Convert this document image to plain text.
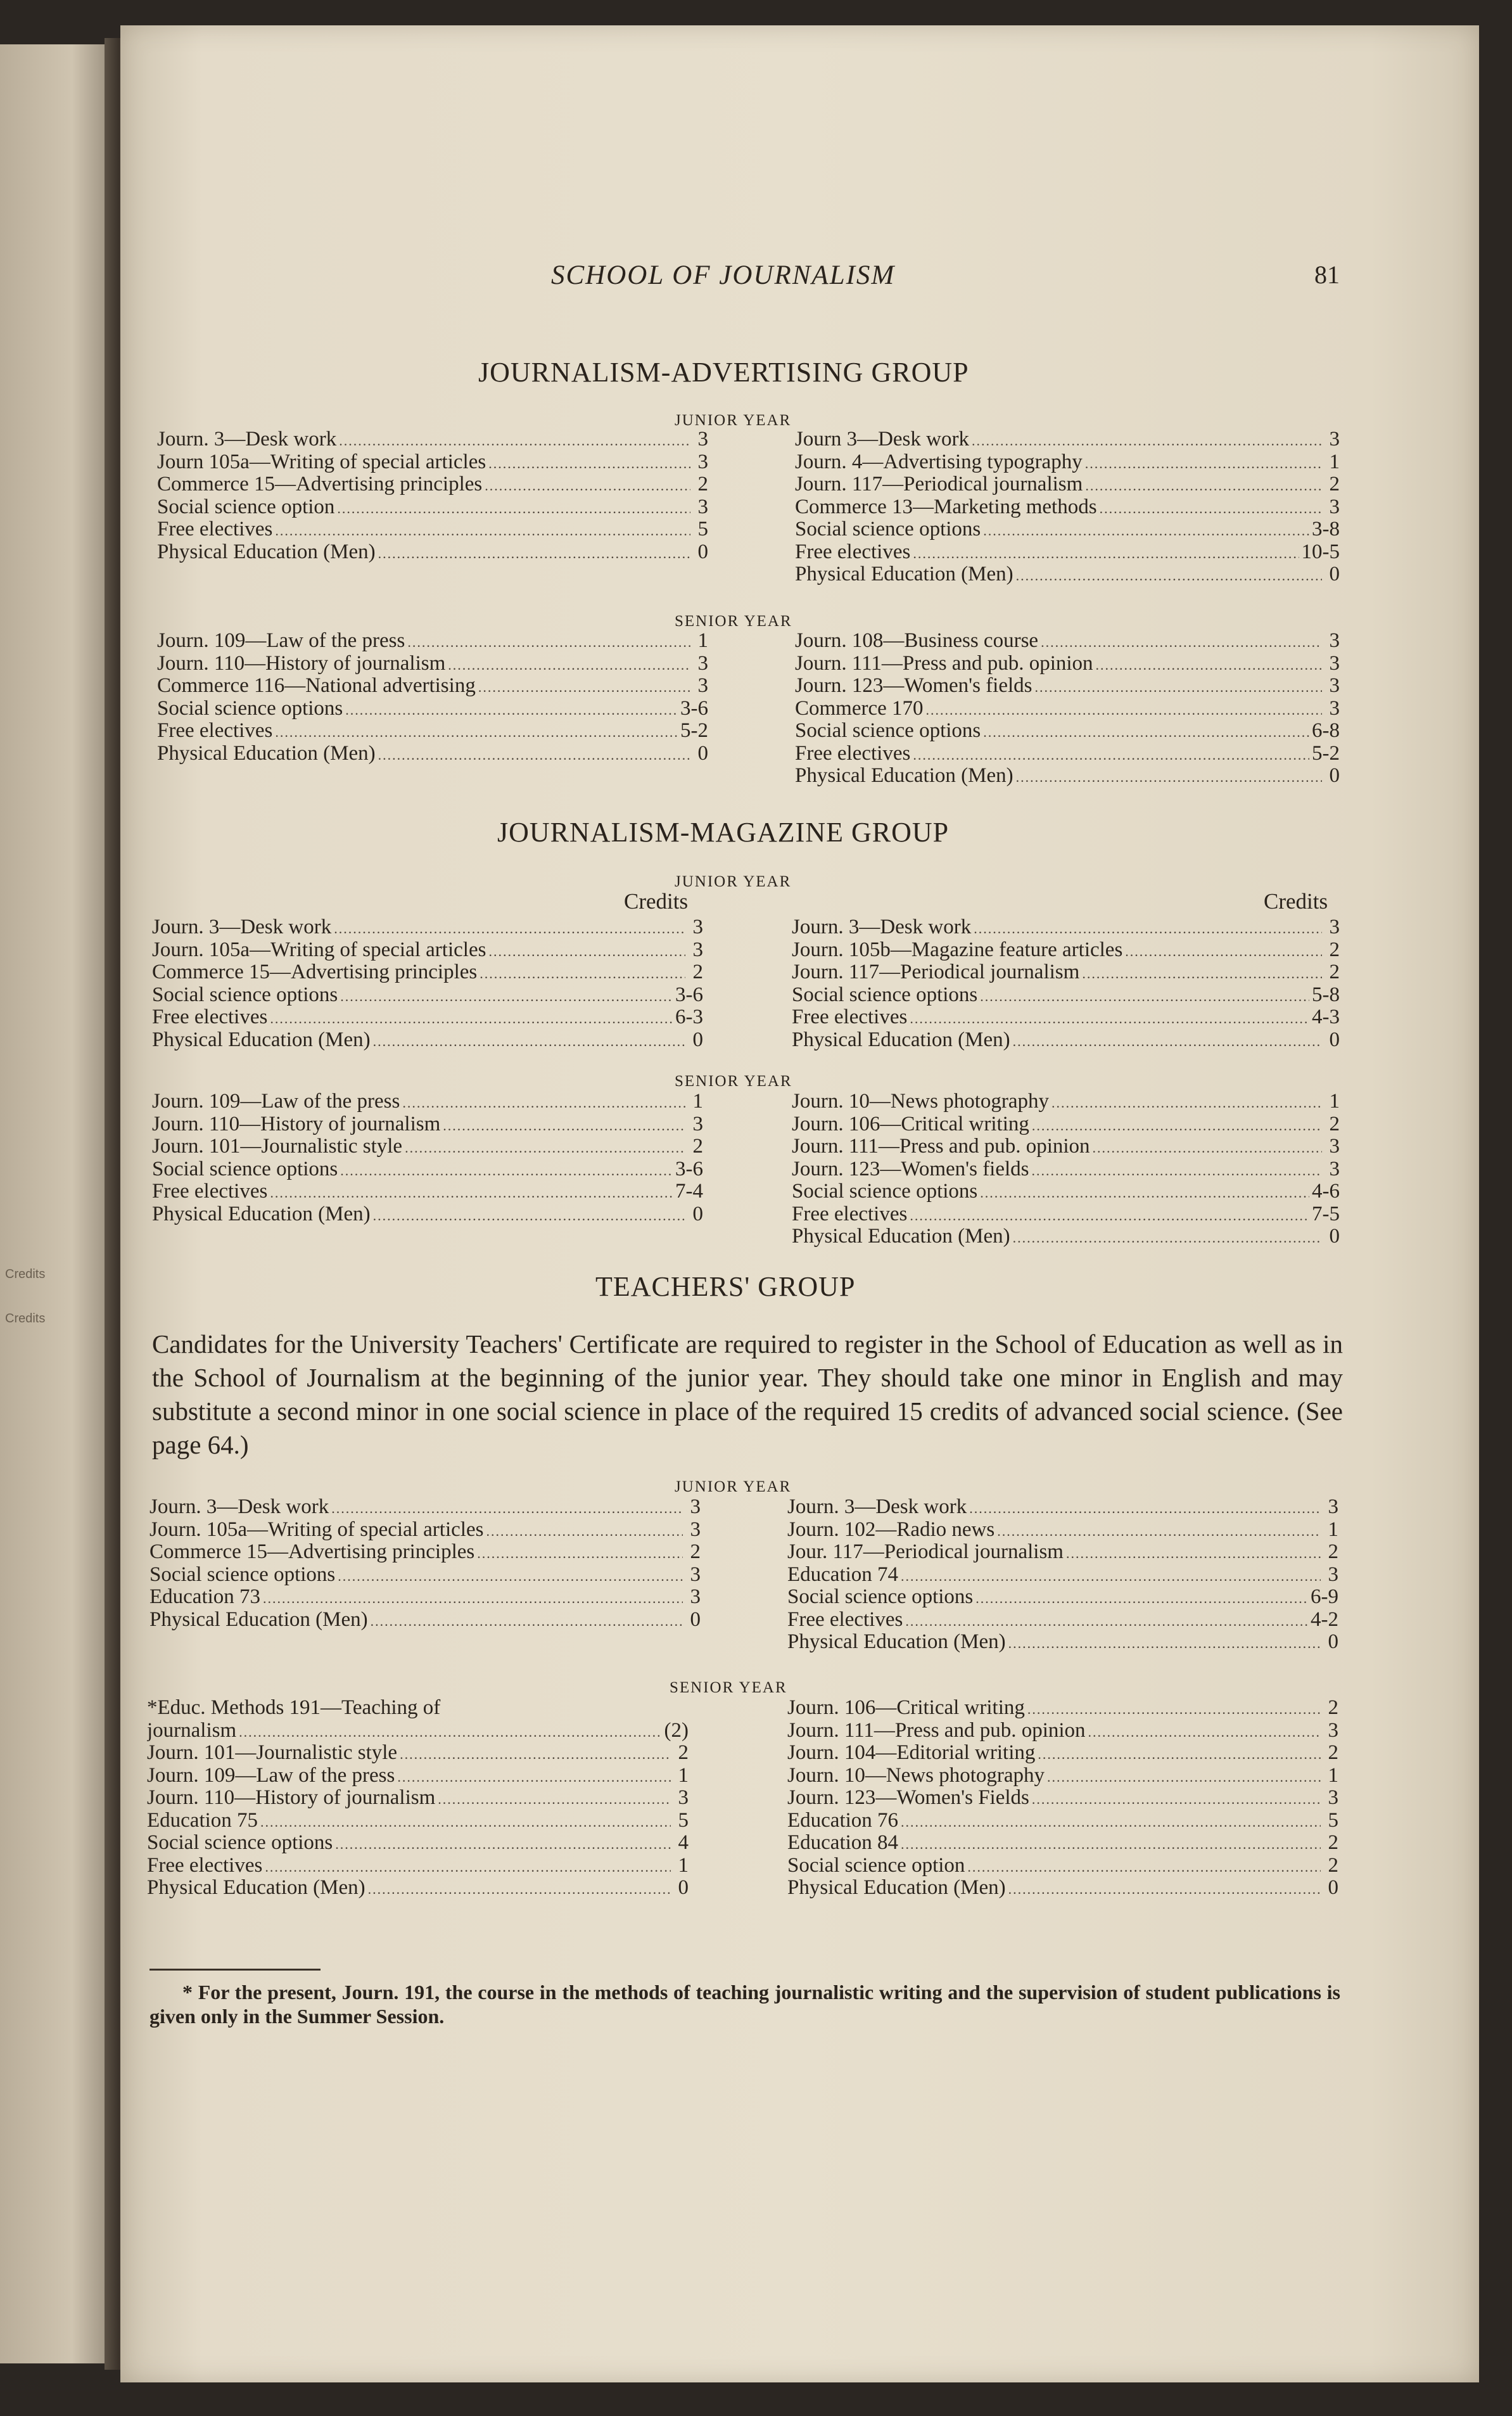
Credits
Credits
SCHOOL OF JOURNALISM	81
JOURNALISM-ADVERTISING GROUP
JUNIOR YEAR
Journ. 3—Desk work .....	3
Journ 105a—Writing of special articles .....	3
Commerce 15—Advertising principles .....	2
Social science option .....	3
Free electives .....	5
Physical Education (Men) .....	0
Journ 3—Desk work .....	3
Journ. 4—Advertising typography .....	1
Journ. 117—Periodical journalism .....	2
Commerce 13—Marketing methods .....	3
Social science options .....	3-8
Free electives .....	10-5
Physical Education (Men) .....	0
SENIOR YEAR
Journ. 109—Law of the press .....	1
Journ. 110—History of journalism .....	3
Commerce 116—National advertising .....	3
Social science options .....	3-6
Free electives .....	5-2
Physical Education (Men) .....	0
Journ. 108—Business course .....	3
Journ. 111—Press and pub. opinion .....	3
Journ. 123—Women's fields .....	3
Commerce 170 .....	3
Social science options .....	6-8
Free electives .....	5-2
Physical Education (Men) .....	0
JOURNALISM-MAGAZINE GROUP
JUNIOR YEAR
Credits	Credits
Journ. 3—Desk work .....	3
Journ. 105a—Writing of special articles .....	3
Commerce 15—Advertising principles .....	2
Social science options .....	3-6
Free electives .....	6-3
Physical Education (Men) .....	0
Journ. 3—Desk work .....	3
Journ. 105b—Magazine feature articles .....	2
Journ. 117—Periodical journalism .....	2
Social science options .....	5-8
Free electives .....	4-3
Physical Education (Men) .....	0
SENIOR YEAR
Journ. 109—Law of the press .....	1
Journ. 110—History of journalism .....	3
Journ. 101—Journalistic style .....	2
Social science options .....	3-6
Free electives .....	7-4
Physical Education (Men) .....	0
Journ. 10—News photography .....	1
Journ. 106—Critical writing .....	2
Journ. 111—Press and pub. opinion .....	3
Journ. 123—Women's fields .....	3
Social science options .....	4-6
Free electives .....	7-5
Physical Education (Men) .....	0
TEACHERS' GROUP
Candidates for the University Teachers' Certificate are required to register in the School of Education as well as in the School of Journalism at the beginning of the junior year. They should take one minor in English and may substitute a second minor in one social science in place of the required 15 credits of advanced social science. (See page 64.)
JUNIOR YEAR
Journ. 3—Desk work .....	3
Journ. 105a—Writing of special articles .....	3
Commerce 15—Advertising principles .....	2
Social science options .....	3
Education 73 .....	3
Physical Education (Men) .....	0
Journ. 3—Desk work .....	3
Journ. 102—Radio news .....	1
Jour. 117—Periodical journalism .....	2
Education 74 .....	3
Social science options .....	6-9
Free electives .....	4-2
Physical Education (Men) .....	0
SENIOR YEAR
*Educ. Methods 191—Teaching of
journalism .....	(2)
Journ. 101—Journalistic style .....	2
Journ. 109—Law of the press .....	1
Journ. 110—History of journalism .....	3
Education 75 .....	5
Social science options .....	4
Free electives .....	1
Physical Education (Men) .....	0
Journ. 106—Critical writing .....	2
Journ. 111—Press and pub. opinion .....	3
Journ. 104—Editorial writing .....	2
Journ. 10—News photography .....	1
Journ. 123—Women's Fields .....	3
Education 76 .....	5
Education 84 .....	2
Social science option .....	2
Physical Education (Men) .....	0
* For the present, Journ. 191, the course in the methods of teaching journalistic writing and the supervision of student publications is given only in the Summer Session.
